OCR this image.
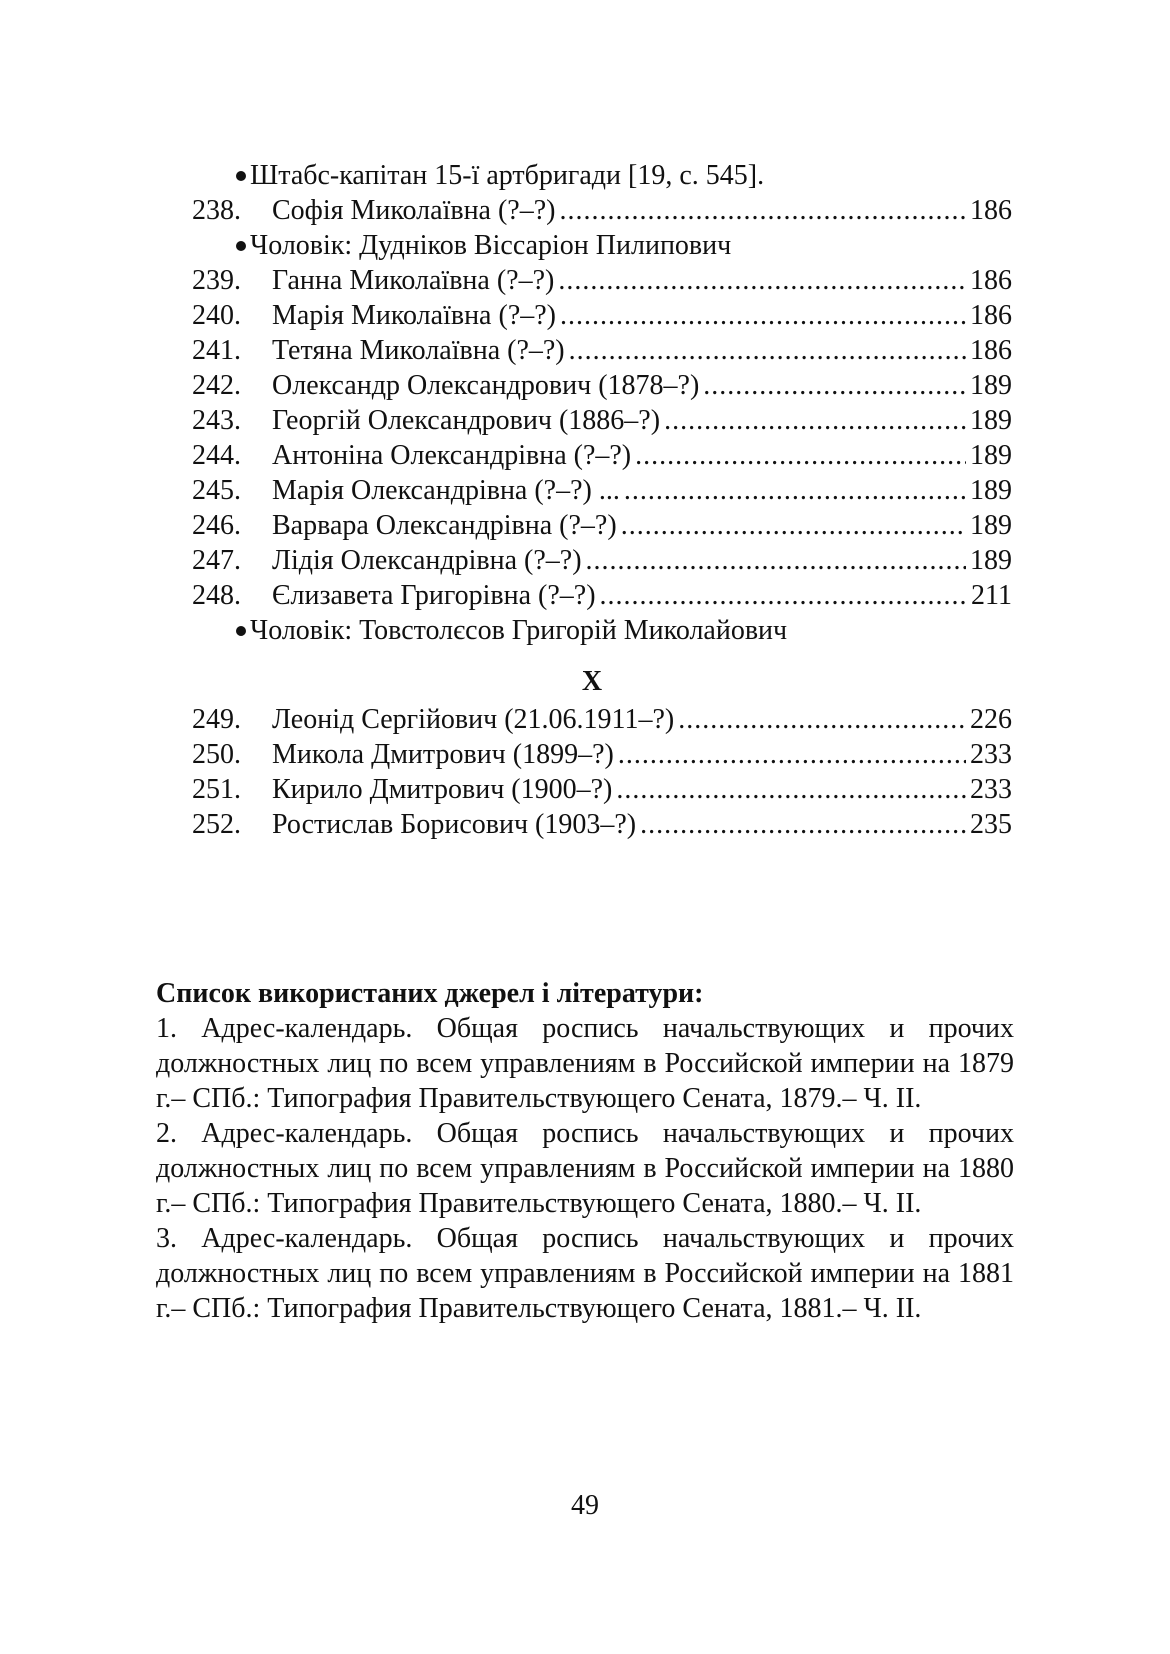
Штабс-капітан 15-ї артбригади [19, с. 545].
238.	Софія Миколаївна (?–?) .....	186
Чоловік: Дудніков Віссаріон Пилипович
239.	Ганна Миколаївна (?–?) .....	186
240.	Марія Миколаївна (?–?) .....	186
241.	Тетяна Миколаївна (?–?) .....	186
242.	Олександр Олександрович (1878–?) .....	189
243.	Георгій Олександрович (1886–?) .....	189
244.	Антоніна Олександрівна (?–?) .....	189
245.	Марія Олександрівна (?–?) ... .....	189
246.	Варвара Олександрівна (?–?) .....	189
247.	Лідія Олександрівна (?–?) .....	189
248.	Єлизавета Григорівна (?–?) .....	211
Чоловік: Товстолєсов Григорій Миколайович
X
249.	Леонід Сергійович (21.06.1911–?) .....	226
250.	Микола Дмитрович (1899–?) .....	233
251.	Кирило Дмитрович (1900–?) .....	233
252.	Ростислав Борисович (1903–?) .....	235
Список використаних джерел і літератури:

1. Адрес-календарь. Общая роспись начальствующих и прочих должностных лиц по всем управлениям в Российской империи на 1879 г.– СПб.: Типография Правительствующего Сената, 1879.– Ч. II.

2. Адрес-календарь. Общая роспись начальствующих и прочих должностных лиц по всем управлениям в Российской империи на 1880 г.– СПб.: Типография Правительствующего Сената, 1880.– Ч. II.

3. Адрес-календарь. Общая роспись начальствующих и прочих должностных лиц по всем управлениям в Российской империи на 1881 г.– СПб.: Типография Правительствующего Сената, 1881.– Ч. II.

49
